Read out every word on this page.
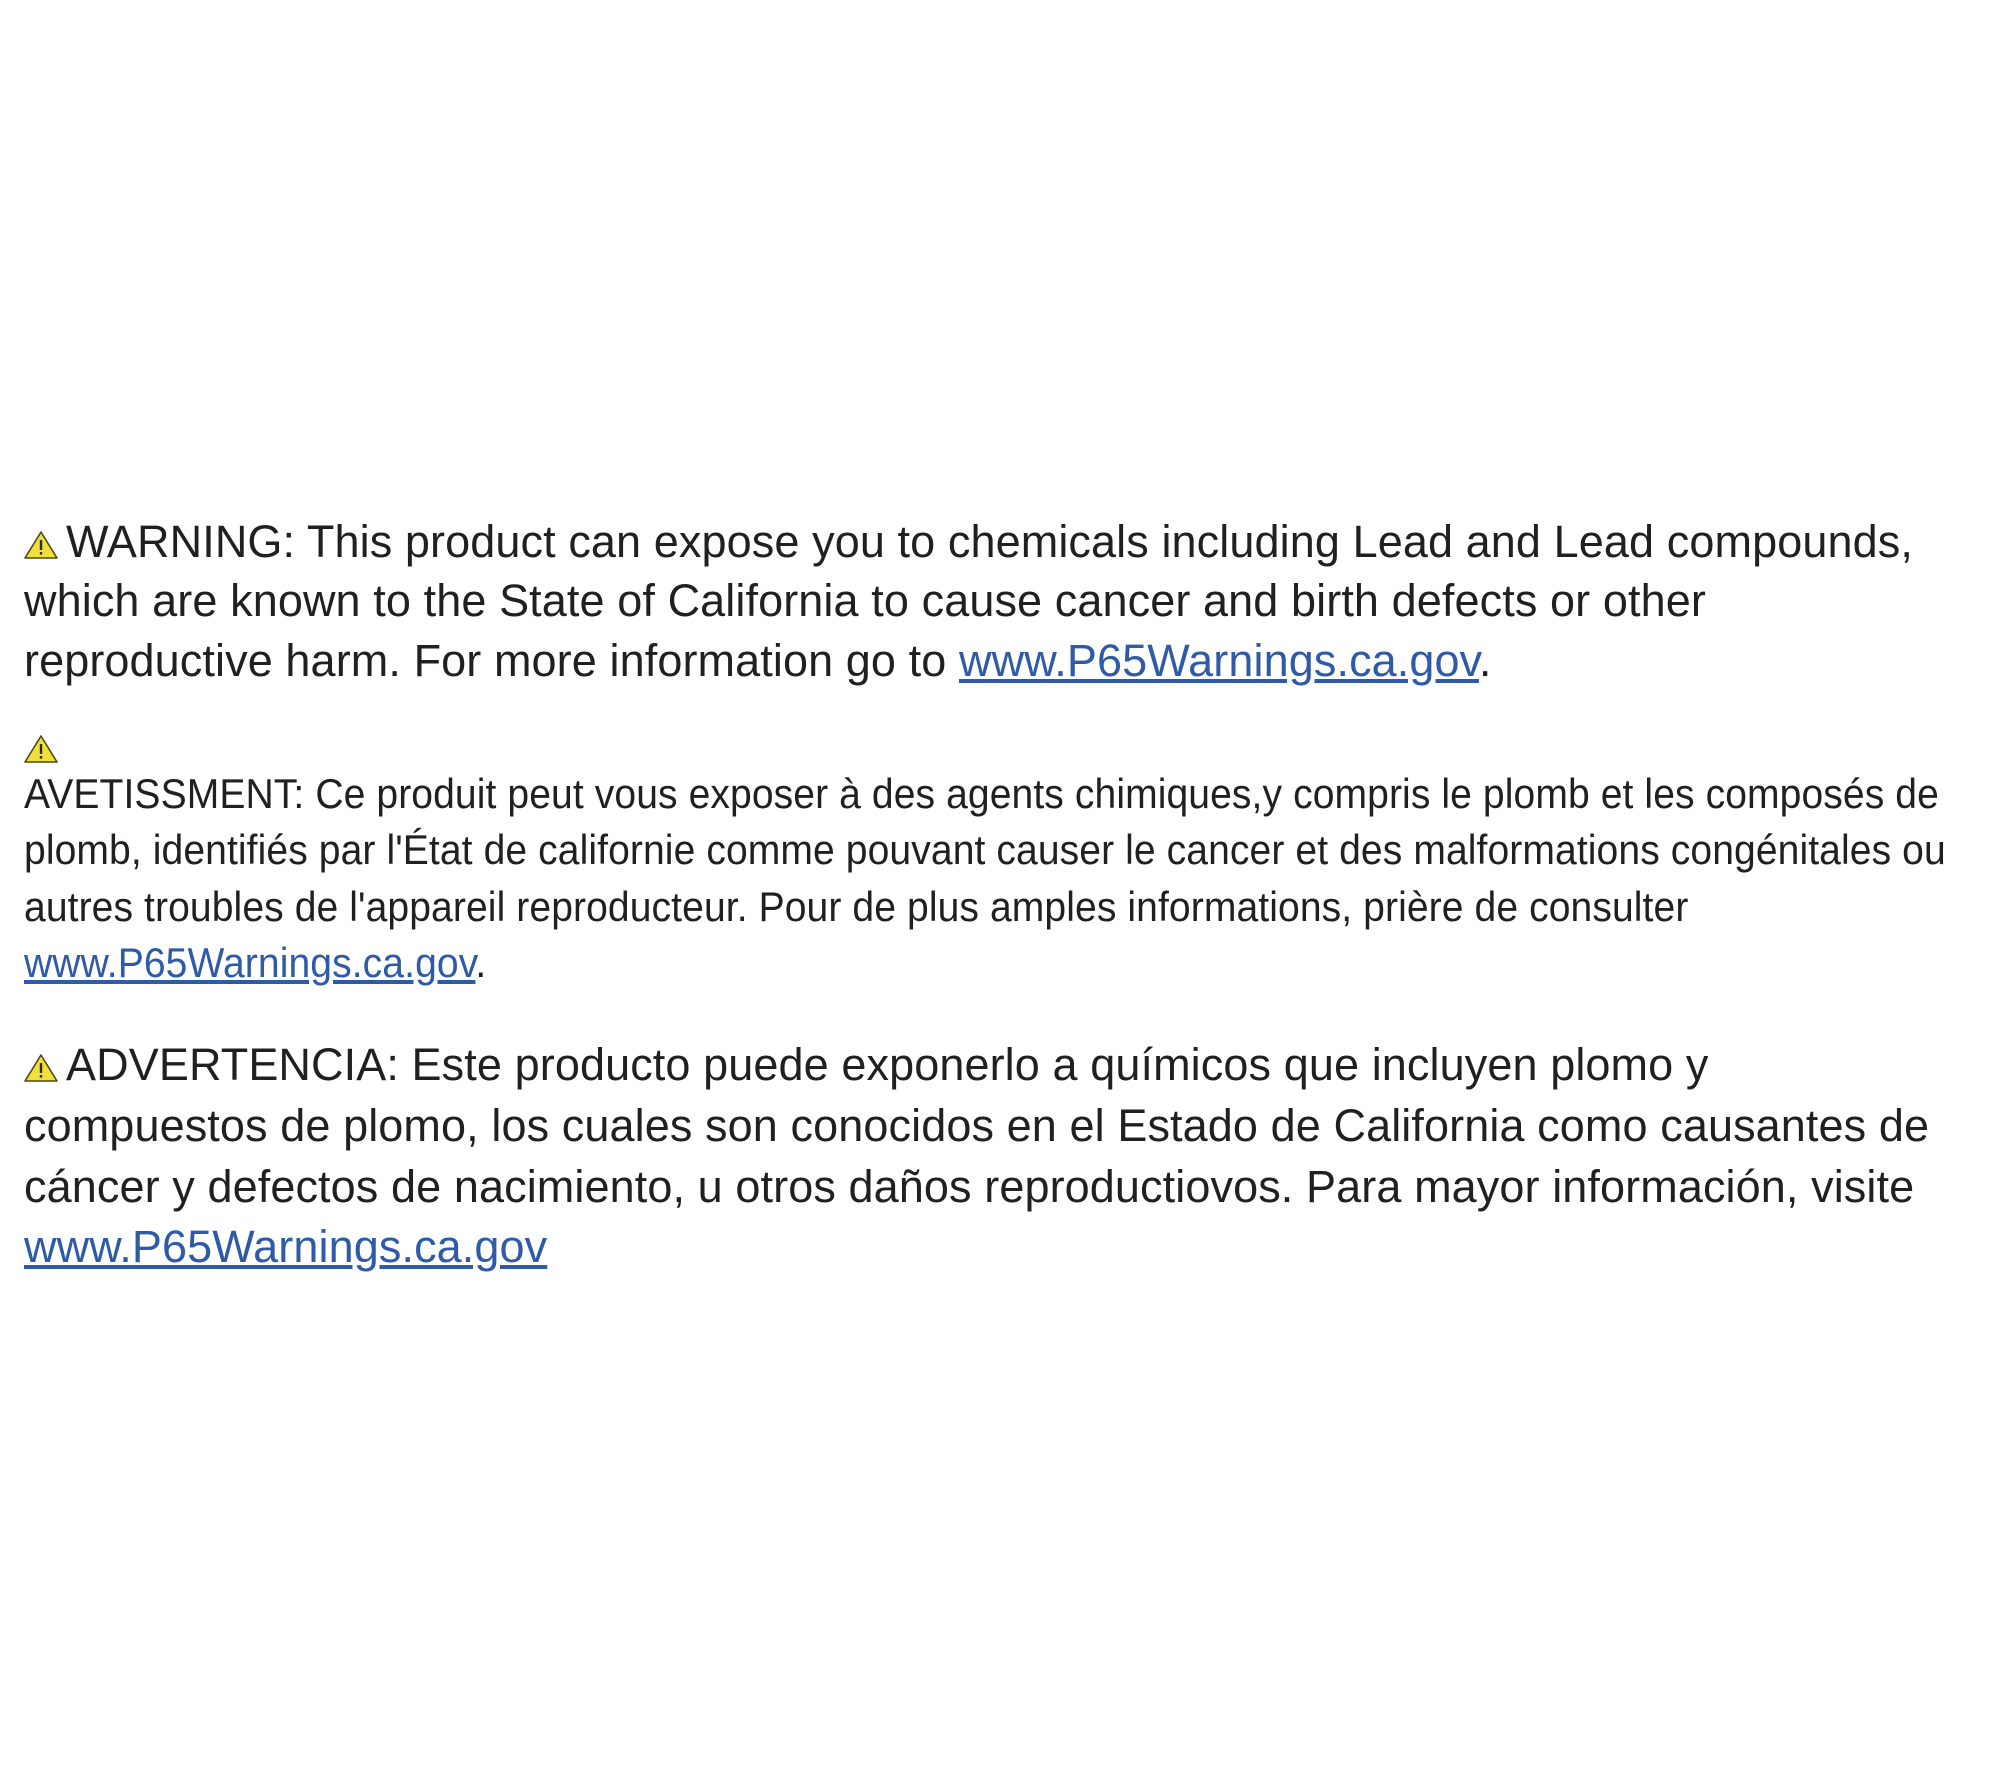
WARNING: This product can expose you to chemicals including Lead and Lead compounds, which are known to the State of California to cause cancer and birth defects or other reproductive harm. For more information go to www.P65Warnings.ca.gov.
AVETISSMENT: Ce produit peut vous exposer à des agents chimiques,y compris le plomb et les composés de plomb, identifiés par l'État de californie comme pouvant causer le cancer et des malformations congénitales ou autres troubles de l'appareil reproducteur. Pour de plus amples informations, prière de consulter www.P65Warnings.ca.gov.
ADVERTENCIA: Este producto puede exponerlo a químicos que incluyen plomo y compuestos de plomo, los cuales son conocidos en el Estado de California como causantes de cáncer y defectos de nacimiento, u otros daños reproductiovos. Para mayor información, visite www.P65Warnings.ca.gov
